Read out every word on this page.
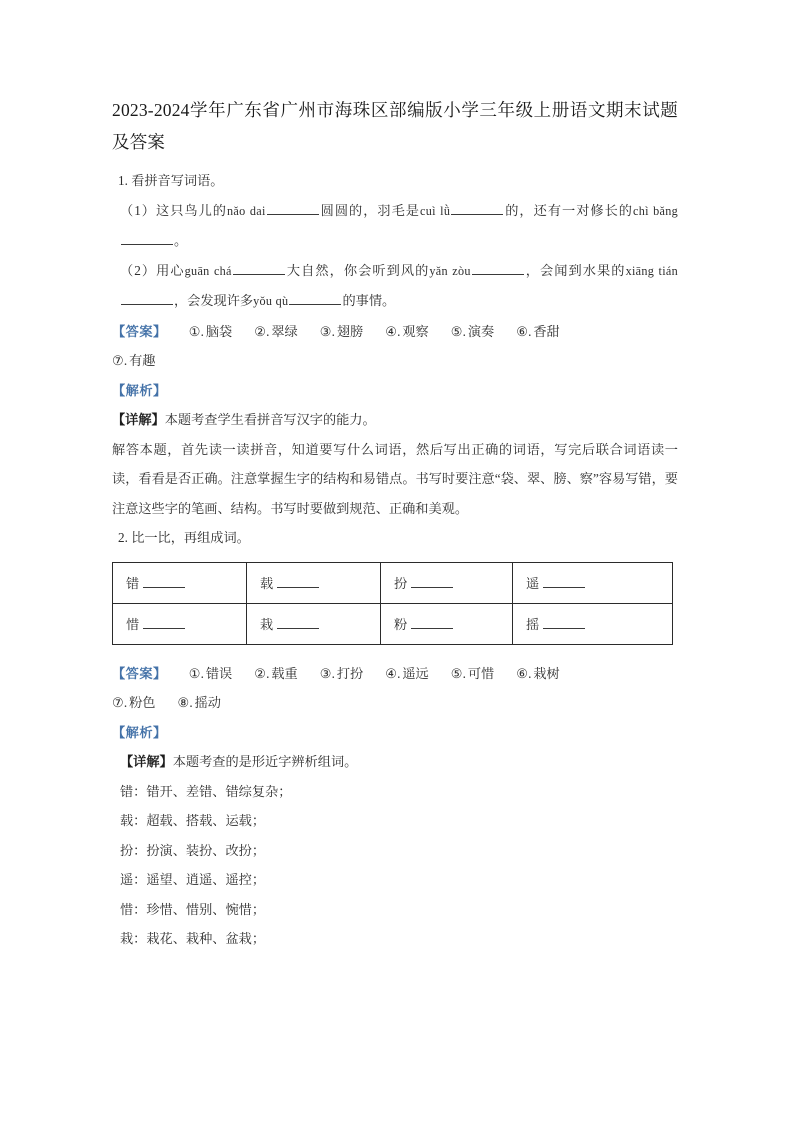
2023-2024学年广东省广州市海珠区部编版小学三年级上册语文期末试题及答案

1. 看拼音写词语。

（1）这只鸟儿的nǎo dai	圆圆的，羽毛是cuì lǜ	的，还有一对修长的chì bǎng。

（2）用心guān chá	大自然，你会听到风的yǎn zòu	，会闻到水果的xiāng tián，会发现许多yǒu qù	的事情。

【答案】 ①. 脑袋 ②. 翠绿 ③. 翅膀 ④. 观察 ⑤. 演奏 ⑥. 香甜

⑦. 有趣

【解析】

【详解】本题考查学生看拼音写汉字的能力。

解答本题，首先读一读拼音，知道要写什么词语，然后写出正确的词语，写完后联合词语读一读，看看是否正确。注意掌握生字的结构和易错点。书写时要注意“袋、翠、膀、察”容易写错，要注意这些字的笔画、结构。书写时要做到规范、正确和美观。

2. 比一比，再组成词。

错	载	扮	遥
惜	栽	粉	摇

【答案】 ①. 错误 ②. 载重 ③. 打扮 ④. 遥远 ⑤. 可惜 ⑥. 栽树

⑦. 粉色 ⑧. 摇动

【解析】

【详解】本题考查的是形近字辨析组词。

错：错开、差错、错综复杂；

载：超载、搭载、运载；

扮：扮演、装扮、改扮；

遥：遥望、逍遥、遥控；

惜：珍惜、惜别、惋惜；

栽：栽花、栽种、盆栽；
